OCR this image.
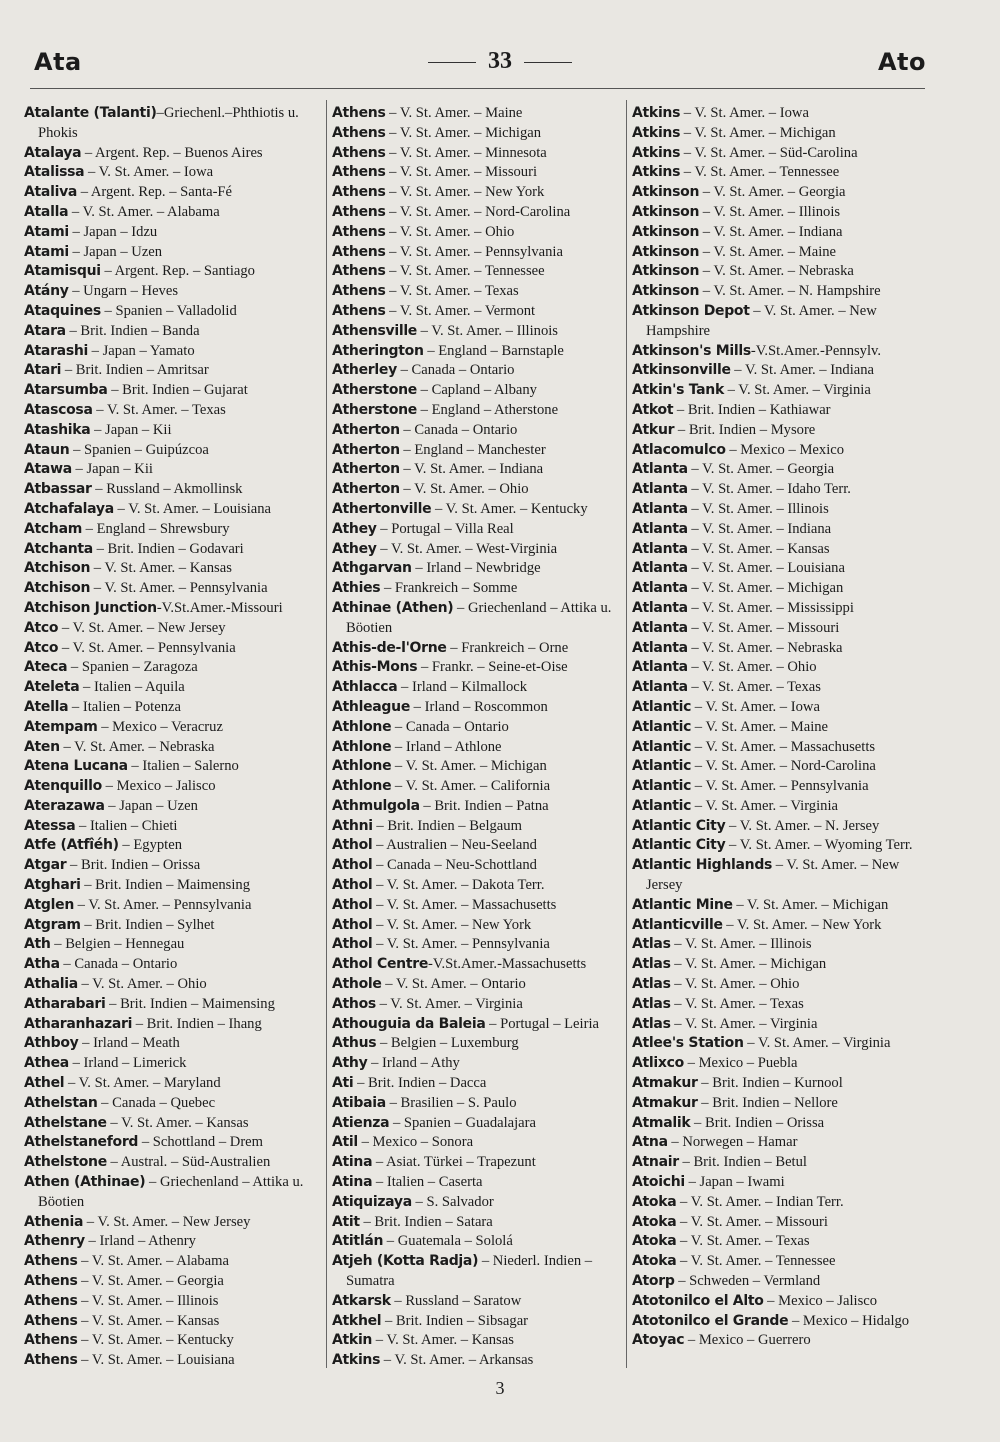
Ata	33	Ato
Atalante (Talanti)–Griechenl.–Phthiotis u. Phokis
Atalaya – Argent. Rep. – Buenos Aires
Atalissa – V. St. Amer. – Iowa
Ataliva – Argent. Rep. – Santa-Fé
Atalla – V. St. Amer. – Alabama
Atami – Japan – Idzu
Atami – Japan – Uzen
Atamisqui – Argent. Rep. – Santiago
Atány – Ungarn – Heves
Ataquines – Spanien – Valladolid
Atara – Brit. Indien – Banda
Atarashi – Japan – Yamato
Atari – Brit. Indien – Amritsar
Atarsumba – Brit. Indien – Gujarat
Atascosa – V. St. Amer. – Texas
Atashika – Japan – Kii
Ataun – Spanien – Guipúzcoa
Atawa – Japan – Kii
Atbassar – Russland – Akmollinsk
Atchafalaya – V. St. Amer. – Louisiana
Atcham – England – Shrewsbury
Atchanta – Brit. Indien – Godavari
Atchison – V. St. Amer. – Kansas
Atchison – V. St. Amer. – Pennsylvania
Atchison Junction-V.St.Amer.-Missouri
Atco – V. St. Amer. – New Jersey
Atco – V. St. Amer. – Pennsylvania
Ateca – Spanien – Zaragoza
Ateleta – Italien – Aquila
Atella – Italien – Potenza
Atempam – Mexico – Veracruz
Aten – V. St. Amer. – Nebraska
Atena Lucana – Italien – Salerno
Atenquillo – Mexico – Jalisco
Aterazawa – Japan – Uzen
Atessa – Italien – Chieti
Atfe (Atfîéh) – Egypten
Atgar – Brit. Indien – Orissa
Atghari – Brit. Indien – Maimensing
Atglen – V. St. Amer. – Pennsylvania
Atgram – Brit. Indien – Sylhet
Ath – Belgien – Hennegau
Atha – Canada – Ontario
Athalia – V. St. Amer. – Ohio
Atharabari – Brit. Indien – Maimensing
Atharanhazari – Brit. Indien – Ihang
Athboy – Irland – Meath
Athea – Irland – Limerick
Athel – V. St. Amer. – Maryland
Athelstan – Canada – Quebec
Athelstane – V. St. Amer. – Kansas
Athelstaneford – Schottland – Drem
Athelstone – Austral. – Süd-Australien
Athen (Athinae) – Griechenland – Attika u. Böotien
Athenia – V. St. Amer. – New Jersey
Athenry – Irland – Athenry
Athens – V. St. Amer. – Alabama
Athens – V. St. Amer. – Georgia
Athens – V. St. Amer. – Illinois
Athens – V. St. Amer. – Kansas
Athens – V. St. Amer. – Kentucky
Athens – V. St. Amer. – Louisiana
Athens – V. St. Amer. – Maine
Athens – V. St. Amer. – Michigan
Athens – V. St. Amer. – Minnesota
Athens – V. St. Amer. – Missouri
Athens – V. St. Amer. – New York
Athens – V. St. Amer. – Nord-Carolina
Athens – V. St. Amer. – Ohio
Athens – V. St. Amer. – Pennsylvania
Athens – V. St. Amer. – Tennessee
Athens – V. St. Amer. – Texas
Athens – V. St. Amer. – Vermont
Athensville – V. St. Amer. – Illinois
Atherington – England – Barnstaple
Atherley – Canada – Ontario
Atherstone – Capland – Albany
Atherstone – England – Atherstone
Atherton – Canada – Ontario
Atherton – England – Manchester
Atherton – V. St. Amer. – Indiana
Atherton – V. St. Amer. – Ohio
Athertonville – V. St. Amer. – Kentucky
Athey – Portugal – Villa Real
Athey – V. St. Amer. – West-Virginia
Athgarvan – Irland – Newbridge
Athies – Frankreich – Somme
Athinae (Athen) – Griechenland – Attika u. Böotien
Athis-de-l'Orne – Frankreich – Orne
Athis-Mons – Frankr. – Seine-et-Oise
Athlacca – Irland – Kilmallock
Athleague – Irland – Roscommon
Athlone – Canada – Ontario
Athlone – Irland – Athlone
Athlone – V. St. Amer. – Michigan
Athlone – V. St. Amer. – California
Athmulgola – Brit. Indien – Patna
Athni – Brit. Indien – Belgaum
Athol – Australien – Neu-Seeland
Athol – Canada – Neu-Schottland
Athol – V. St. Amer. – Dakota Terr.
Athol – V. St. Amer. – Massachusetts
Athol – V. St. Amer. – New York
Athol – V. St. Amer. – Pennsylvania
Athol Centre-V.St.Amer.-Massachusetts
Athole – V. St. Amer. – Ontario
Athos – V. St. Amer. – Virginia
Athouguia da Baleia – Portugal – Leiria
Athus – Belgien – Luxemburg
Athy – Irland – Athy
Ati – Brit. Indien – Dacca
Atibaia – Brasilien – S. Paulo
Atienza – Spanien – Guadalajara
Atil – Mexico – Sonora
Atina – Asiat. Türkei – Trapezunt
Atina – Italien – Caserta
Atiquizaya – S. Salvador
Atit – Brit. Indien – Satara
Atitlán – Guatemala – Sololá
Atjeh (Kotta Radja) – Niederl. Indien – Sumatra
Atkarsk – Russland – Saratow
Atkhel – Brit. Indien – Sibsagar
Atkin – V. St. Amer. – Kansas
Atkins – V. St. Amer. – Arkansas
Atkins – V. St. Amer. – Iowa
Atkins – V. St. Amer. – Michigan
Atkins – V. St. Amer. – Süd-Carolina
Atkins – V. St. Amer. – Tennessee
Atkinson – V. St. Amer. – Georgia
Atkinson – V. St. Amer. – Illinois
Atkinson – V. St. Amer. – Indiana
Atkinson – V. St. Amer. – Maine
Atkinson – V. St. Amer. – Nebraska
Atkinson – V. St. Amer. – N. Hampshire
Atkinson Depot – V. St. Amer. – New Hampshire
Atkinson's Mills-V.St.Amer.-Pennsylv.
Atkinsonville – V. St. Amer. – Indiana
Atkin's Tank – V. St. Amer. – Virginia
Atkot – Brit. Indien – Kathiawar
Atkur – Brit. Indien – Mysore
Atlacomulco – Mexico – Mexico
Atlanta – V. St. Amer. – Georgia
Atlanta – V. St. Amer. – Idaho Terr.
Atlanta – V. St. Amer. – Illinois
Atlanta – V. St. Amer. – Indiana
Atlanta – V. St. Amer. – Kansas
Atlanta – V. St. Amer. – Louisiana
Atlanta – V. St. Amer. – Michigan
Atlanta – V. St. Amer. – Mississippi
Atlanta – V. St. Amer. – Missouri
Atlanta – V. St. Amer. – Nebraska
Atlanta – V. St. Amer. – Ohio
Atlanta – V. St. Amer. – Texas
Atlantic – V. St. Amer. – Iowa
Atlantic – V. St. Amer. – Maine
Atlantic – V. St. Amer. – Massachusetts
Atlantic – V. St. Amer. – Nord-Carolina
Atlantic – V. St. Amer. – Pennsylvania
Atlantic – V. St. Amer. – Virginia
Atlantic City – V. St. Amer. – N. Jersey
Atlantic City – V. St. Amer. – Wyoming Terr.
Atlantic Highlands – V. St. Amer. – New Jersey
Atlantic Mine – V. St. Amer. – Michigan
Atlanticville – V. St. Amer. – New York
Atlas – V. St. Amer. – Illinois
Atlas – V. St. Amer. – Michigan
Atlas – V. St. Amer. – Ohio
Atlas – V. St. Amer. – Texas
Atlas – V. St. Amer. – Virginia
Atlee's Station – V. St. Amer. – Virginia
Atlixco – Mexico – Puebla
Atmakur – Brit. Indien – Kurnool
Atmakur – Brit. Indien – Nellore
Atmalik – Brit. Indien – Orissa
Atna – Norwegen – Hamar
Atnair – Brit. Indien – Betul
Atoichi – Japan – Iwami
Atoka – V. St. Amer. – Indian Terr.
Atoka – V. St. Amer. – Missouri
Atoka – V. St. Amer. – Texas
Atoka – V. St. Amer. – Tennessee
Atorp – Schweden – Vermland
Atotonilco el Alto – Mexico – Jalisco
Atotonilco el Grande – Mexico – Hidalgo
Atoyac – Mexico – Guerrero
3
